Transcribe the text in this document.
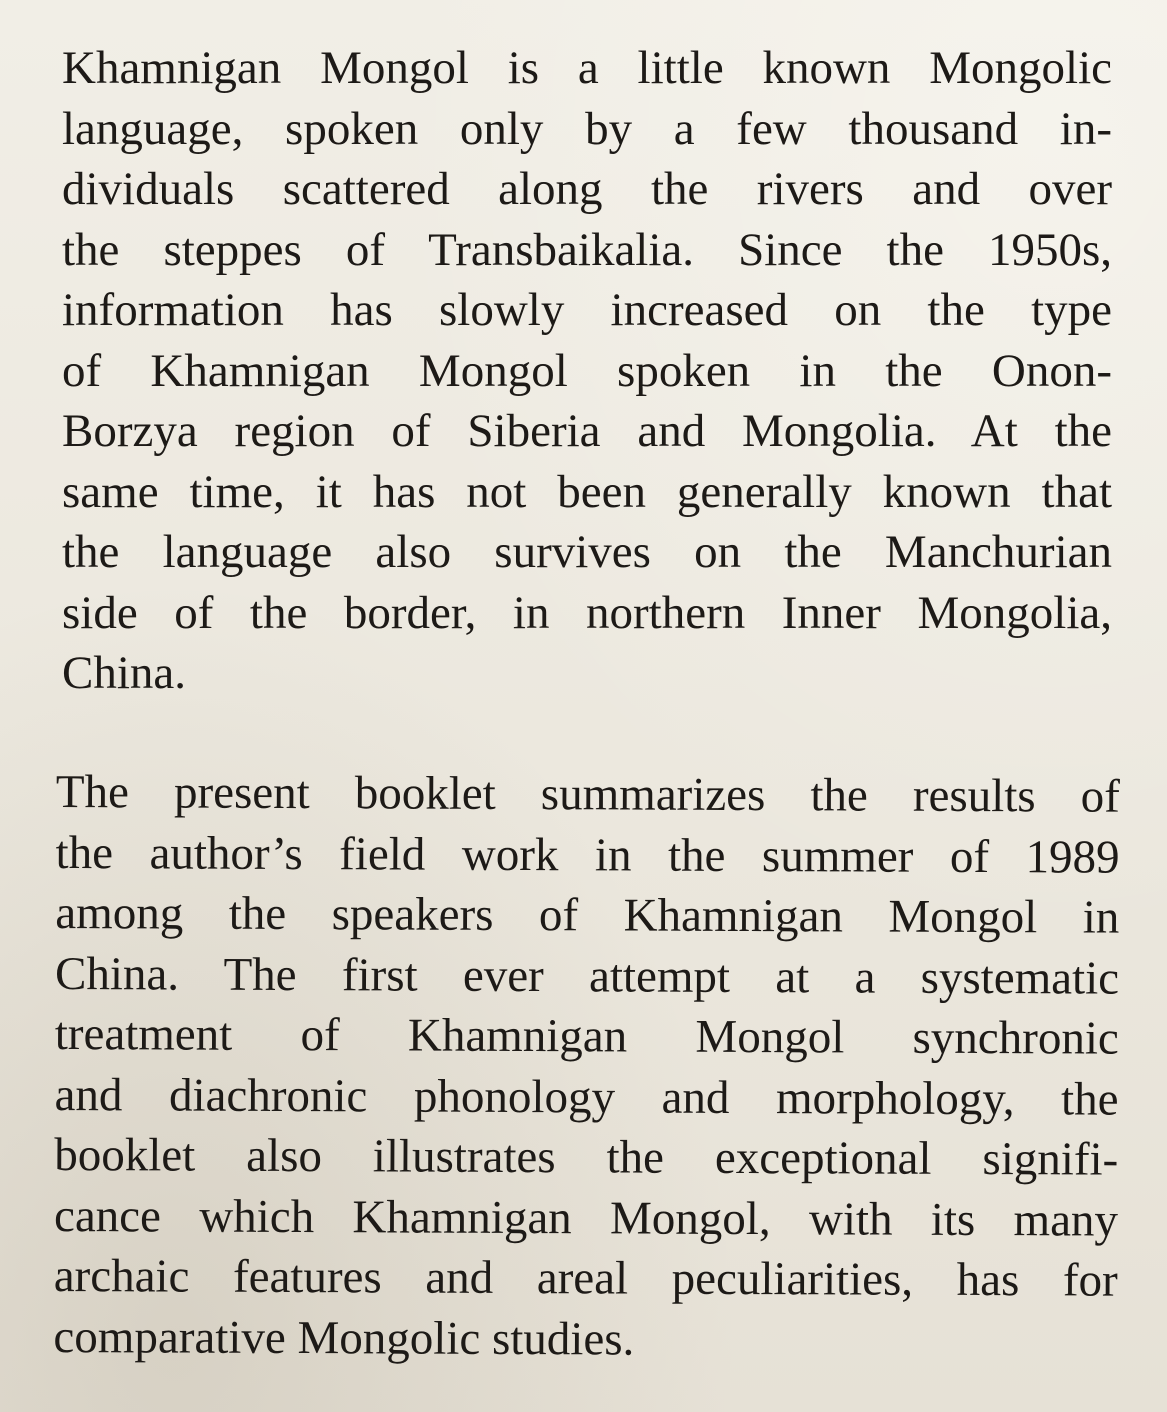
Khamnigan Mongol is a little known Mongolic
language, spoken only by a few thousand in-
dividuals scattered along the rivers and over
the steppes of Transbaikalia. Since the 1950s,
information has slowly increased on the type
of Khamnigan Mongol spoken in the Onon-
Borzya region of Siberia and Mongolia. At the
same time, it has not been generally known that
the language also survives on the Manchurian
side of the border, in northern Inner Mongolia,
China.

The present booklet summarizes the results of
the author’s field work in the summer of 1989
among the speakers of Khamnigan Mongol in
China. The first ever attempt at a systematic
treatment of Khamnigan Mongol synchronic
and diachronic phonology and morphology, the
booklet also illustrates the exceptional signifi-
cance which Khamnigan Mongol, with its many
archaic features and areal peculiarities, has for
comparative Mongolic studies.
